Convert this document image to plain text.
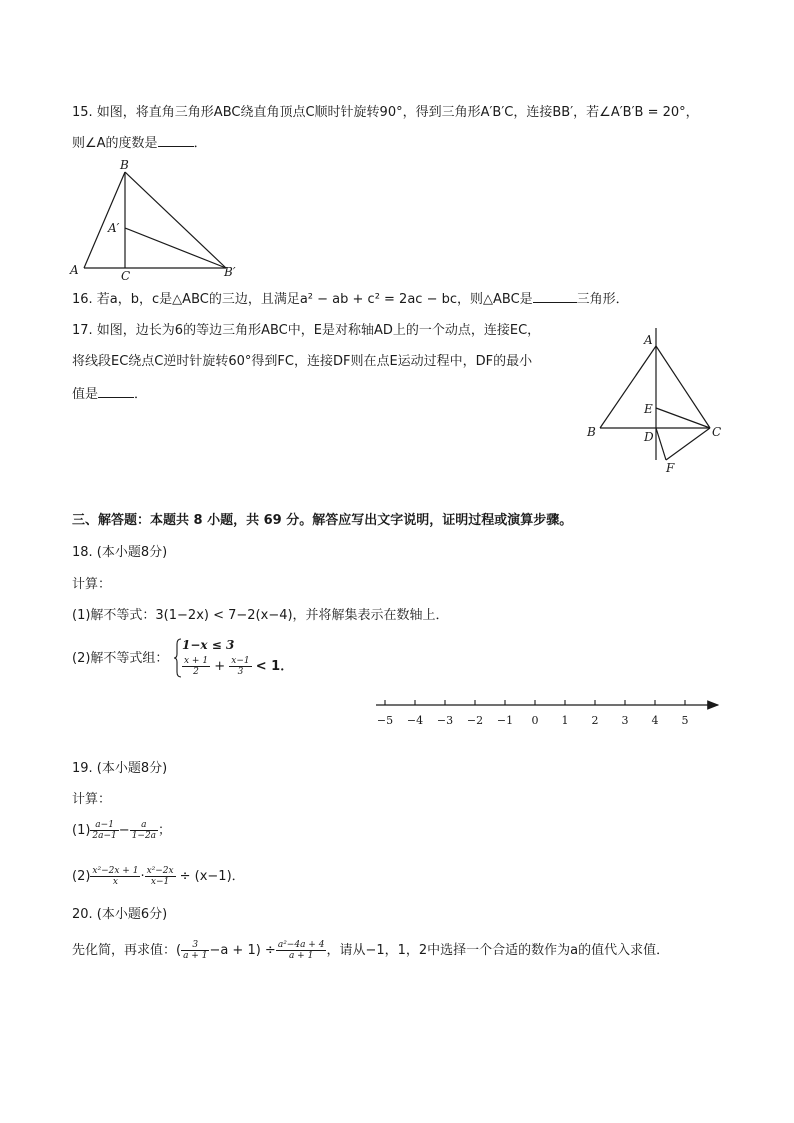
15. 如图，将直角三角形ABC绕直角顶点C顺时针旋转90°，得到三角形A′B′C，连接BB′，若∠A′B′B = 20°，
则∠A的度数是	．
B
A′
A	C	B′
16. 若a，b，c是△ABC的三边，且满足a² − ab + c² = 2ac − bc，则△ABC是	三角形．
17. 如图，边长为6的等边三角形ABC中，E是对称轴AD上的一个动点，连接EC，
将线段EC绕点C逆时针旋转60°得到FC，连接DF则在点E运动过程中，DF的最小
值是	．
A
E
B	D	C
F
三、解答题：本题共 8 小题，共 69 分。解答应写出文字说明，证明过程或演算步骤。
18. (本小题8分)
计算：
(1)解不等式：3(1−2x) < 7−2(x−4)，并将解集表示在数轴上．
(2)解不等式组：
1−x ≤ 3
$\frac{x + 1}{2} + \frac{x-1}{3} < 1$．
−5 −4 −3 −2 −1 0 1 2 3 4 5
19. (本小题8分)
计算：
$(1) \frac{a-1}{2a-1} - \frac{a}{1-2a}$ ；
$(2) \frac{\text{x²−2x + 1}}{x} \cdot \frac{\text{x²−2x}}{x-1} \div (x-1)$．
20. (本小题6分)
先化简，再求值：( $\frac{3}{a + 1} -a + 1) \div \frac{\text{a²−4a + 4}}{a + 1}$ ，请从−1，1，2中选择一个合适的数作为a的值代入求值．
